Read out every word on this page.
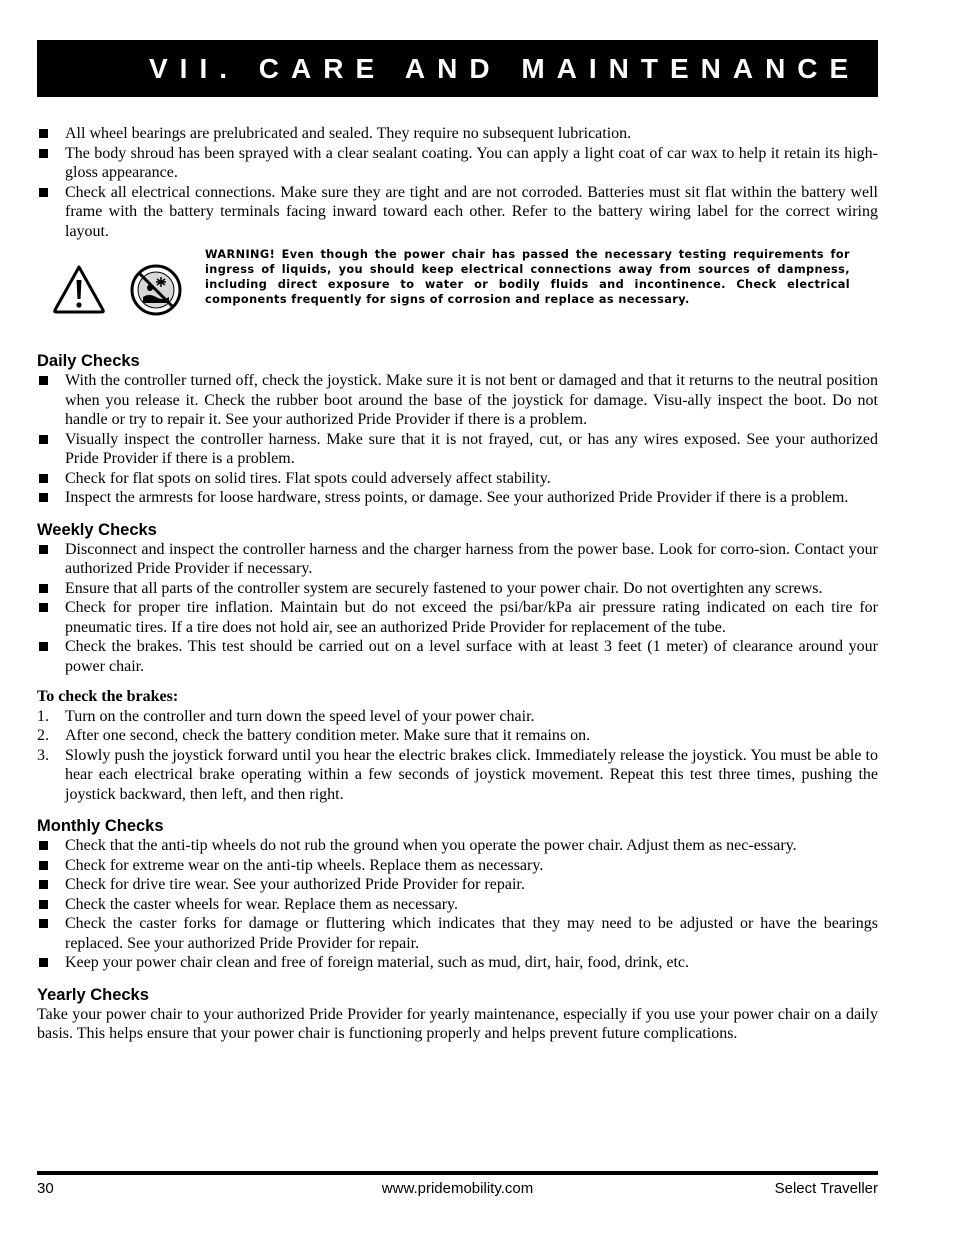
VII. CARE AND MAINTENANCE
All wheel bearings are prelubricated and sealed. They require no subsequent lubrication.
The body shroud has been sprayed with a clear sealant coating. You can apply a light coat of car wax to help it retain its high-gloss appearance.
Check all electrical connections. Make sure they are tight and are not corroded. Batteries must sit flat within the battery well frame with the battery terminals facing inward toward each other. Refer to the battery wiring label for the correct wiring layout.
WARNING! Even though the power chair has passed the necessary testing requirements for ingress of liquids, you should keep electrical connections away from sources of dampness, including direct exposure to water or bodily fluids and incontinence. Check electrical components frequently for signs of corrosion and replace as necessary.
Daily Checks
With the controller turned off, check the joystick. Make sure it is not bent or damaged and that it returns to the neutral position when you release it. Check the rubber boot around the base of the joystick for damage. Visu-ally inspect the boot. Do not handle or try to repair it. See your authorized Pride Provider if there is a problem.
Visually inspect the controller harness. Make sure that it is not frayed, cut, or has any wires exposed. See your authorized Pride Provider if there is a problem.
Check for flat spots on solid tires. Flat spots could adversely affect stability.
Inspect the armrests for loose hardware, stress points, or damage. See your authorized Pride Provider if there is a problem.
Weekly Checks
Disconnect and inspect the controller harness and the charger harness from the power base. Look for corro-sion. Contact your authorized Pride Provider if necessary.
Ensure that all parts of the controller system are securely fastened to your power chair. Do not overtighten any screws.
Check for proper tire inflation. Maintain but do not exceed the psi/bar/kPa air pressure rating indicated on each tire for pneumatic tires. If a tire does not hold air, see an authorized Pride Provider for replacement of the tube.
Check the brakes. This test should be carried out on a level surface with at least 3 feet (1 meter) of clearance around your power chair.
To check the brakes:
1. Turn on the controller and turn down the speed level of your power chair.
2. After one second, check the battery condition meter. Make sure that it remains on.
3. Slowly push the joystick forward until you hear the electric brakes click. Immediately release the joystick. You must be able to hear each electrical brake operating within a few seconds of joystick movement. Repeat this test three times, pushing the joystick backward, then left, and then right.
Monthly Checks
Check that the anti-tip wheels do not rub the ground when you operate the power chair. Adjust them as nec-essary.
Check for extreme wear on the anti-tip wheels. Replace them as necessary.
Check for drive tire wear. See your authorized Pride Provider for repair.
Check the caster wheels for wear. Replace them as necessary.
Check the caster forks for damage or fluttering which indicates that they may need to be adjusted or have the bearings replaced. See your authorized Pride Provider for repair.
Keep your power chair clean and free of foreign material, such as mud, dirt, hair, food, drink, etc.
Yearly Checks

Take your power chair to your authorized Pride Provider for yearly maintenance, especially if you use your power chair on a daily basis. This helps ensure that your power chair is functioning properly and helps prevent future complications.

30	www.pridemobility.com	Select Traveller
